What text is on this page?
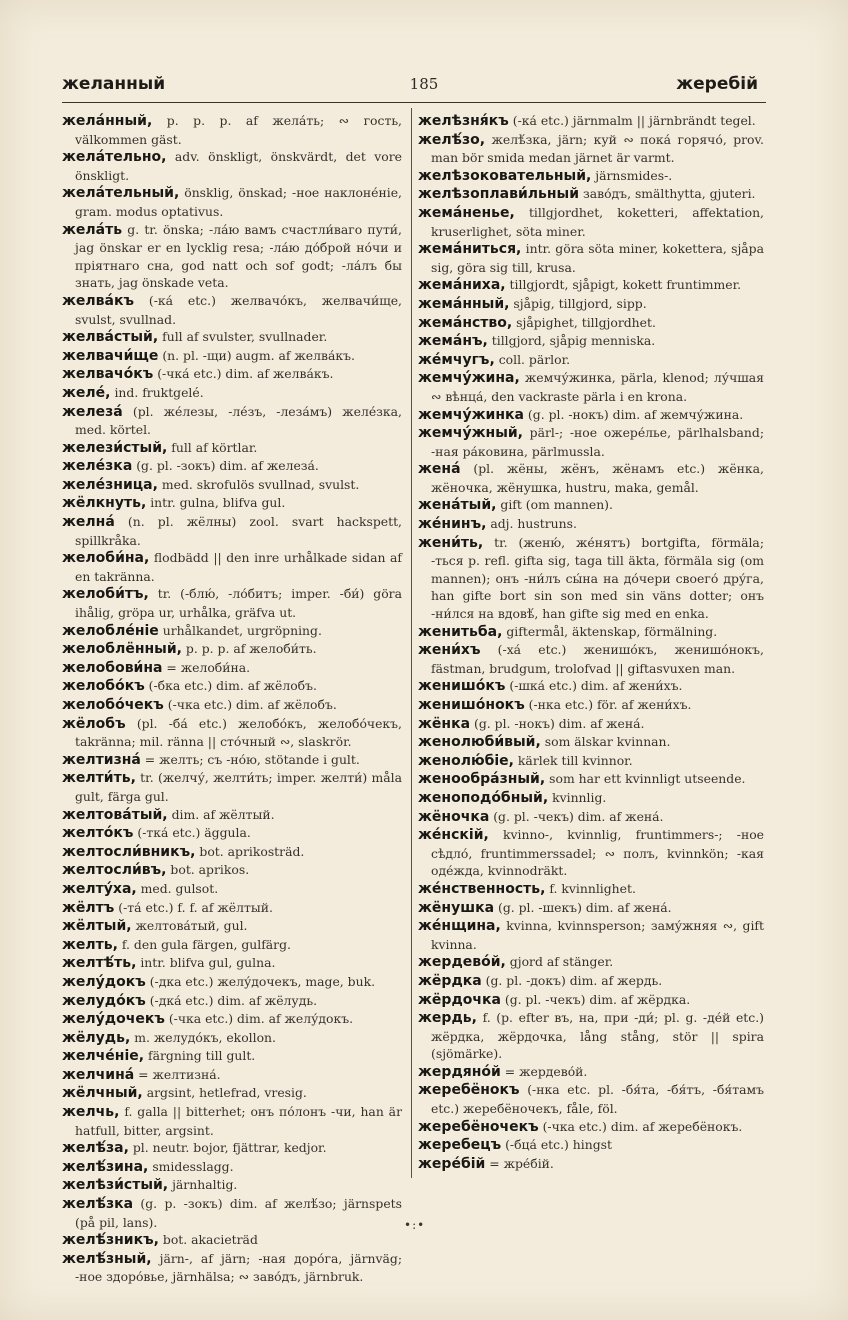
желанный	185	жеребій

жела́нный, p. p. p. af жела́ть; ∾ гость, välkommen gäst.

жела́тельно, adv. önskligt, önskvärdt, det vore önskligt.

жела́тельный, önsklig, önskad; -ное наклоне́ніе, gram. modus optativus.

жела́ть g. tr. önska; -ла́ю вамъ счастли́ваго пути́, jag önskar er en lycklig resa; -ла́ю до́брой но́чи и пріятнаго сна, god natt och sof godt; -ла́лъ бы знать, jag önskade veta.

желва́къ (-ка́ etc.) желвачо́къ, желвачи́ще, svulst, svullnad.

желва́стый, full af svulster, svullnader.

желвачи́ще (n. pl. -щи) augm. af желва́къ.

желвачо́къ (-чка́ etc.) dim. af желва́къ.

желе́, ind. fruktgelé.

железа́ (pl. же́лезы, -ле́зъ, -леза́мъ) желе́зка, med. körtel.

желези́стый, full af körtlar.

желе́зка (g. pl. -зокъ) dim. af железа́.

желе́зница, med. skrofulös svullnad, svulst.

жёлкнуть, intr. gulna, blifva gul.

желна́ (n. pl. жёлны) zool. svart hackspett, spillkråka.

желоби́на, flodbädd || den inre urhålkade sidan af en takränna.

желоби́тъ, tr. (-блю́, -ло́битъ; imper. -би́) göra ihålig, gröpa ur, urhålka, gräfva ut.

желобле́ніе urhålkandet, urgröpning.

желоблённый, p. p. p. af желоби́ть.

желобови́на = желоби́на.

желобо́къ (-бка etc.) dim. af жёлобъ.

желобо́чекъ (-чка etc.) dim. af жёлобъ.

жёлобъ (pl. -ба́ etc.) желобо́къ, желобо́чекъ, takränna; mil. ränna || сто́чный ∾, slaskrör.

желтизна́ = желть; съ -но́ю, stötande i gult.

желти́ть, tr. (желчу́, желти́ть; imper. желти́) måla gult, färga gul.

желтова́тый, dim. af жёлтый.

желто́къ (-тка́ etc.) äggula.

желтосли́вникъ, bot. aprikosträd.

желтосли́въ, bot. aprikos.

желту́ха, med. gulsot.

жёлтъ (-та́ etc.) f. f. af жёлтый.

жёлтый, желтова́тый, gul.

желть, f. den gula färgen, gulfärg.

желтѣ́ть, intr. blifva gul, gulna.

желу́докъ (-дка etc.) желу́дочекъ, mage, buk.

желудо́къ (-дка́ etc.) dim. af жёлудь.

желу́дочекъ (-чка etc.) dim. af желу́докъ.

жёлудь, m. желудо́къ, ekollon.

желче́ніе, färgning till gult.

желчина́ = желтизна́.

жёлчный, argsint, hetlefrad, vresig.

желчь, f. galla || bitterhet; онъ по́лонъ -чи, han är hatfull, bitter, argsint.

желѣ́за, pl. neutr. bojor, fjättrar, kedjor.

желѣ́зина, smidesslagg.

желѣзи́стый, järnhaltig.

желѣ́зка (g. p. -зокъ) dim. af желѣ́зо; järnspets (på pil, lans).

желѣ́зникъ, bot. akacieträd

желѣ́зный, järn-, af järn; -ная доро́га, järnväg; -ное здоро́вье, järnhälsa; ∾ заво́дъ, järnbruk.

желѣзня́къ (-ка́ etc.) järnmalm || järnbrändt tegel.

желѣ́зо, желѣ́зка, järn; куй ∾ пока́ горячо́, prov. man bör smida medan järnet är varmt.

желѣзоковательный, järnsmides-.

желѣзоплави́льный заво́дъ, smälthytta, gjuteri.

жема́неньe, tillgjordhet, koketteri, affektation, kruserlighet, söta miner.

жема́ниться, intr. göra söta miner, kokettera, sjåpa sig, göra sig till, krusa.

жема́ниха, tillgjordt, sjåpigt, kokett fruntimmer.

жема́нный, sjåpig, tillgjord, sipp.

жема́нство, sjåpighet, tillgjordhet.

жема́нъ, tillgjord, sjåpig menniska.

же́мчугъ, coll. pärlor.

жемчу́жина, жемчу́жинка, pärla, klenod; лу́чшая ∾ вѣнца́, den vackraste pärla i en krona.

жемчу́жинка (g. pl. -нокъ) dim. af жемчу́жина.

жемчу́жный, pärl-; -ное ожере́лье, pärlhalsband; -ная ра́ковина, pärlmussla.

жена́ (pl. жёны, жёнъ, жёнамъ etc.) жёнка, жёночка, жёнушка, hustru, maka, gemål.

жена́тый, gift (om mannen).

же́нинъ, adj. hustruns.

жени́ть, tr. (женю́, же́нятъ) bortgifta, förmäla; -ться p. refl. gifta sig, taga till äkta, förmäla sig (om mannen); онъ -ни́лъ сы́на на до́чери своего́ дру́га, han gifte bort sin son med sin väns dotter; онъ -ни́лся на вдовѣ́, han gifte sig med en enka.

женитьба, giftermål, äktenskap, förmälning.

жени́хъ (-ха́ etc.) женишо́къ, женишо́нокъ, fästman, brudgum, trolofvad || giftasvuxen man.

женишо́къ (-шка́ etc.) dim. af жени́хъ.

женишо́нокъ (-нка etc.) för. af жени́хъ.

жёнка (g. pl. -нокъ) dim. af жена́.

женолюби́вый, som älskar kvinnan.

женолю́біе, kärlek till kvinnor.

женообра́зный, som har ett kvinnligt utseende.

женоподо́бный, kvinnlig.

жёночка (g. pl. -чекъ) dim. af жена́.

же́нскій, kvinno-, kvinnlig, fruntimmers-; -ное сѣдло́, fruntimmerssadel; ∾ полъ, kvinnkön; -кая оде́жда, kvinnodräkt.

же́нственность, f. kvinnlighet.

жёнушка (g. pl. -шекъ) dim. af жена́.

же́нщина, kvinna, kvinnsperson; заму́жняя ∾, gift kvinna.

жердево́й, gjord af stänger.

жёрдка (g. pl. -докъ) dim. af жердь.

жёрдочка (g. pl. -чекъ) dim. af жёрдка.

жердь, f. (p. efter въ, на, при -ди́; pl. g. -де́й etc.) жёрдка, жёрдочка, lång stång, stör || spira (sjömärke).

жердяно́й = жердево́й.

жеребёнокъ (-нка etc. pl. -бя́та, -бя́тъ, -бя́тамъ etc.) жеребёночекъ, fåle, föl.

жеребёночекъ (-чка etc.) dim. af жеребёнокъ.

жеребецъ (-бца́ etc.) hingst

жере́бій = жре́бій.

•:•
